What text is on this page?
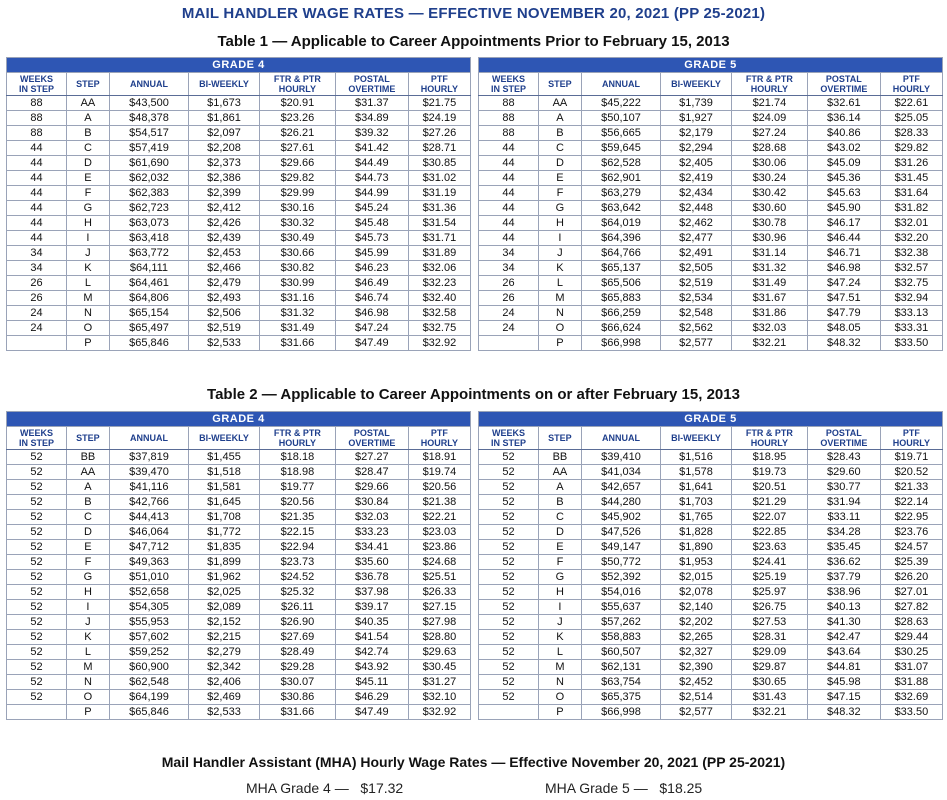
MAIL HANDLER WAGE RATES — EFFECTIVE NOVEMBER 20, 2021 (PP 25-2021)
Table 1 — Applicable to Career Appointments Prior to February 15, 2013
GRADE 4						
WEEKS
IN STEP	STEP	ANNUAL	BI-WEEKLY	FTR & PTR
HOURLY	POSTAL
OVERTIME	PTF
HOURLY
88	AA	$43,500	$1,673	$20.91	$31.37	$21.75
88	A	$48,378	$1,861	$23.26	$34.89	$24.19
88	B	$54,517	$2,097	$26.21	$39.32	$27.26
44	C	$57,419	$2,208	$27.61	$41.42	$28.71
44	D	$61,690	$2,373	$29.66	$44.49	$30.85
44	E	$62,032	$2,386	$29.82	$44.73	$31.02
44	F	$62,383	$2,399	$29.99	$44.99	$31.19
44	G	$62,723	$2,412	$30.16	$45.24	$31.36
44	H	$63,073	$2,426	$30.32	$45.48	$31.54
44	I	$63,418	$2,439	$30.49	$45.73	$31.71
34	J	$63,772	$2,453	$30.66	$45.99	$31.89
34	K	$64,111	$2,466	$30.82	$46.23	$32.06
26	L	$64,461	$2,479	$30.99	$46.49	$32.23
26	M	$64,806	$2,493	$31.16	$46.74	$32.40
24	N	$65,154	$2,506	$31.32	$46.98	$32.58
24	O	$65,497	$2,519	$31.49	$47.24	$32.75
	P	$65,846	$2,533	$31.66	$47.49	$32.92
GRADE 5						
WEEKS
IN STEP	STEP	ANNUAL	BI-WEEKLY	FTR & PTR
HOURLY	POSTAL
OVERTIME	PTF
HOURLY
88	AA	$45,222	$1,739	$21.74	$32.61	$22.61
88	A	$50,107	$1,927	$24.09	$36.14	$25.05
88	B	$56,665	$2,179	$27.24	$40.86	$28.33
44	C	$59,645	$2,294	$28.68	$43.02	$29.82
44	D	$62,528	$2,405	$30.06	$45.09	$31.26
44	E	$62,901	$2,419	$30.24	$45.36	$31.45
44	F	$63,279	$2,434	$30.42	$45.63	$31.64
44	G	$63,642	$2,448	$30.60	$45.90	$31.82
44	H	$64,019	$2,462	$30.78	$46.17	$32.01
44	I	$64,396	$2,477	$30.96	$46.44	$32.20
34	J	$64,766	$2,491	$31.14	$46.71	$32.38
34	K	$65,137	$2,505	$31.32	$46.98	$32.57
26	L	$65,506	$2,519	$31.49	$47.24	$32.75
26	M	$65,883	$2,534	$31.67	$47.51	$32.94
24	N	$66,259	$2,548	$31.86	$47.79	$33.13
24	O	$66,624	$2,562	$32.03	$48.05	$33.31
	P	$66,998	$2,577	$32.21	$48.32	$33.50
Table 2 — Applicable to Career Appointments on or after February 15, 2013
GRADE 4						
WEEKS
IN STEP	STEP	ANNUAL	BI-WEEKLY	FTR & PTR
HOURLY	POSTAL
OVERTIME	PTF
HOURLY
52	BB	$37,819	$1,455	$18.18	$27.27	$18.91
52	AA	$39,470	$1,518	$18.98	$28.47	$19.74
52	A	$41,116	$1,581	$19.77	$29.66	$20.56
52	B	$42,766	$1,645	$20.56	$30.84	$21.38
52	C	$44,413	$1,708	$21.35	$32.03	$22.21
52	D	$46,064	$1,772	$22.15	$33.23	$23.03
52	E	$47,712	$1,835	$22.94	$34.41	$23.86
52	F	$49,363	$1,899	$23.73	$35.60	$24.68
52	G	$51,010	$1,962	$24.52	$36.78	$25.51
52	H	$52,658	$2,025	$25.32	$37.98	$26.33
52	I	$54,305	$2,089	$26.11	$39.17	$27.15
52	J	$55,953	$2,152	$26.90	$40.35	$27.98
52	K	$57,602	$2,215	$27.69	$41.54	$28.80
52	L	$59,252	$2,279	$28.49	$42.74	$29.63
52	M	$60,900	$2,342	$29.28	$43.92	$30.45
52	N	$62,548	$2,406	$30.07	$45.11	$31.27
52	O	$64,199	$2,469	$30.86	$46.29	$32.10
	P	$65,846	$2,533	$31.66	$47.49	$32.92
GRADE 5						
WEEKS
IN STEP	STEP	ANNUAL	BI-WEEKLY	FTR & PTR
HOURLY	POSTAL
OVERTIME	PTF
HOURLY
52	BB	$39,410	$1,516	$18.95	$28.43	$19.71
52	AA	$41,034	$1,578	$19.73	$29.60	$20.52
52	A	$42,657	$1,641	$20.51	$30.77	$21.33
52	B	$44,280	$1,703	$21.29	$31.94	$22.14
52	C	$45,902	$1,765	$22.07	$33.11	$22.95
52	D	$47,526	$1,828	$22.85	$34.28	$23.76
52	E	$49,147	$1,890	$23.63	$35.45	$24.57
52	F	$50,772	$1,953	$24.41	$36.62	$25.39
52	G	$52,392	$2,015	$25.19	$37.79	$26.20
52	H	$54,016	$2,078	$25.97	$38.96	$27.01
52	I	$55,637	$2,140	$26.75	$40.13	$27.82
52	J	$57,262	$2,202	$27.53	$41.30	$28.63
52	K	$58,883	$2,265	$28.31	$42.47	$29.44
52	L	$60,507	$2,327	$29.09	$43.64	$30.25
52	M	$62,131	$2,390	$29.87	$44.81	$31.07
52	N	$63,754	$2,452	$30.65	$45.98	$31.88
52	O	$65,375	$2,514	$31.43	$47.15	$32.69
	P	$66,998	$2,577	$32.21	$48.32	$33.50
Mail Handler Assistant (MHA) Hourly Wage Rates — Effective November 20, 2021 (PP 25-2021)
MHA Grade 4 —   $17.32	MHA Grade 5 —   $18.25
